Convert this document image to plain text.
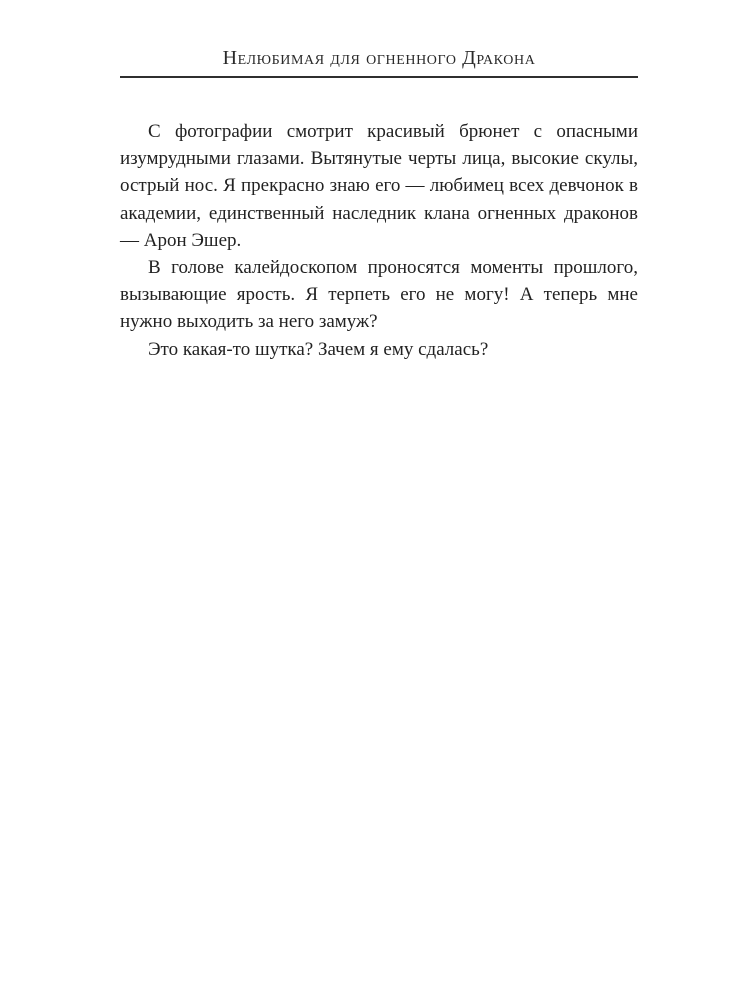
Нелюбимая для огненного Дракона

С фотографии смотрит красивый брюнет с опасными изумрудными глазами. Вытянутые черты лица, высокие скулы, острый нос. Я прекрасно знаю его — любимец всех девчонок в академии, единственный наследник клана огненных драконов — Арон Эшер.

В голове калейдоскопом проносятся моменты прошлого, вызывающие ярость. Я терпеть его не могу! А теперь мне нужно выходить за него замуж?

Это какая-то шутка? Зачем я ему сдалась?
